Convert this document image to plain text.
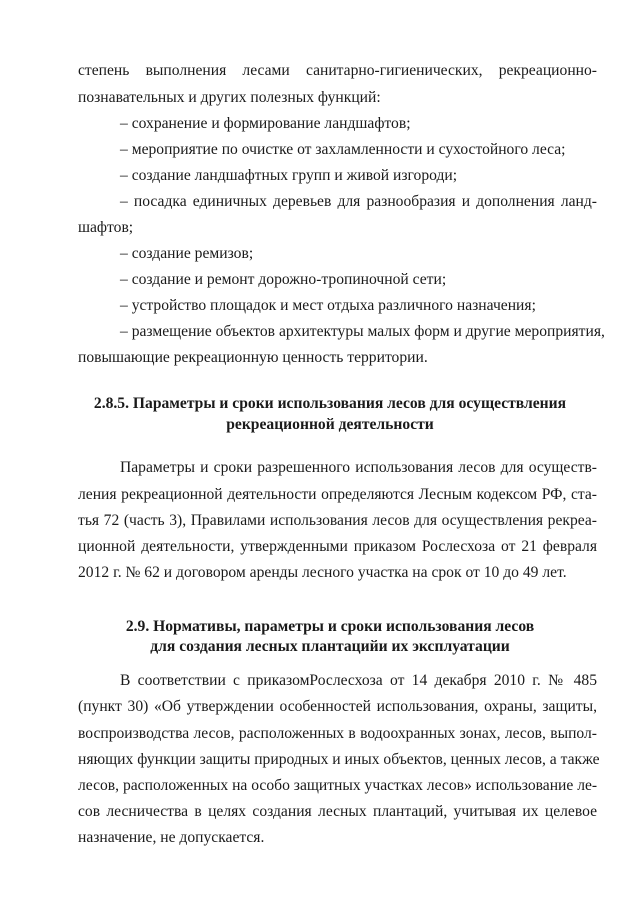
степень выполнения лесами санитарно-гигиенических, рекреационно-
познавательных и других полезных функций:
– сохранение и формирование ландшафтов;
– мероприятие по очистке от захламленности и сухостойного леса;
– создание ландшафтных групп и живой изгороди;
– посадка единичных деревьев для разнообразия и дополнения ланд-
шафтов;
– создание ремизов;
– создание и ремонт дорожно-тропиночной сети;
– устройство площадок и мест отдыха различного назначения;
– размещение объектов архитектуры малых форм и другие мероприятия,
повышающие рекреационную ценность территории.
2.8.5. Параметры и сроки использования лесов для осуществления
рекреационной деятельности
Параметры и сроки разрешенного использования лесов для осуществ-
ления рекреационной деятельности определяются Лесным кодексом РФ, ста-
тья 72 (часть 3), Правилами использования лесов для осуществления рекреа-
ционной деятельности, утвержденными приказом Рослесхоза от 21 февраля
2012 г. № 62 и договором аренды лесного участка на срок от 10 до 49 лет.
2.9. Нормативы, параметры и сроки использования лесов
для создания лесных плантацийи их эксплуатации
В соответствии с приказомРослесхоза от 14 декабря 2010 г. № 485
(пункт 30) «Об утверждении особенностей использования, охраны, защиты,
воспроизводства лесов, расположенных в водоохранных зонах, лесов, выпол-
няющих функции защиты природных и иных объектов, ценных лесов, а также
лесов, расположенных на особо защитных участках лесов» использование ле-
сов лесничества в целях создания лесных плантаций, учитывая их целевое
назначение, не допускается.
